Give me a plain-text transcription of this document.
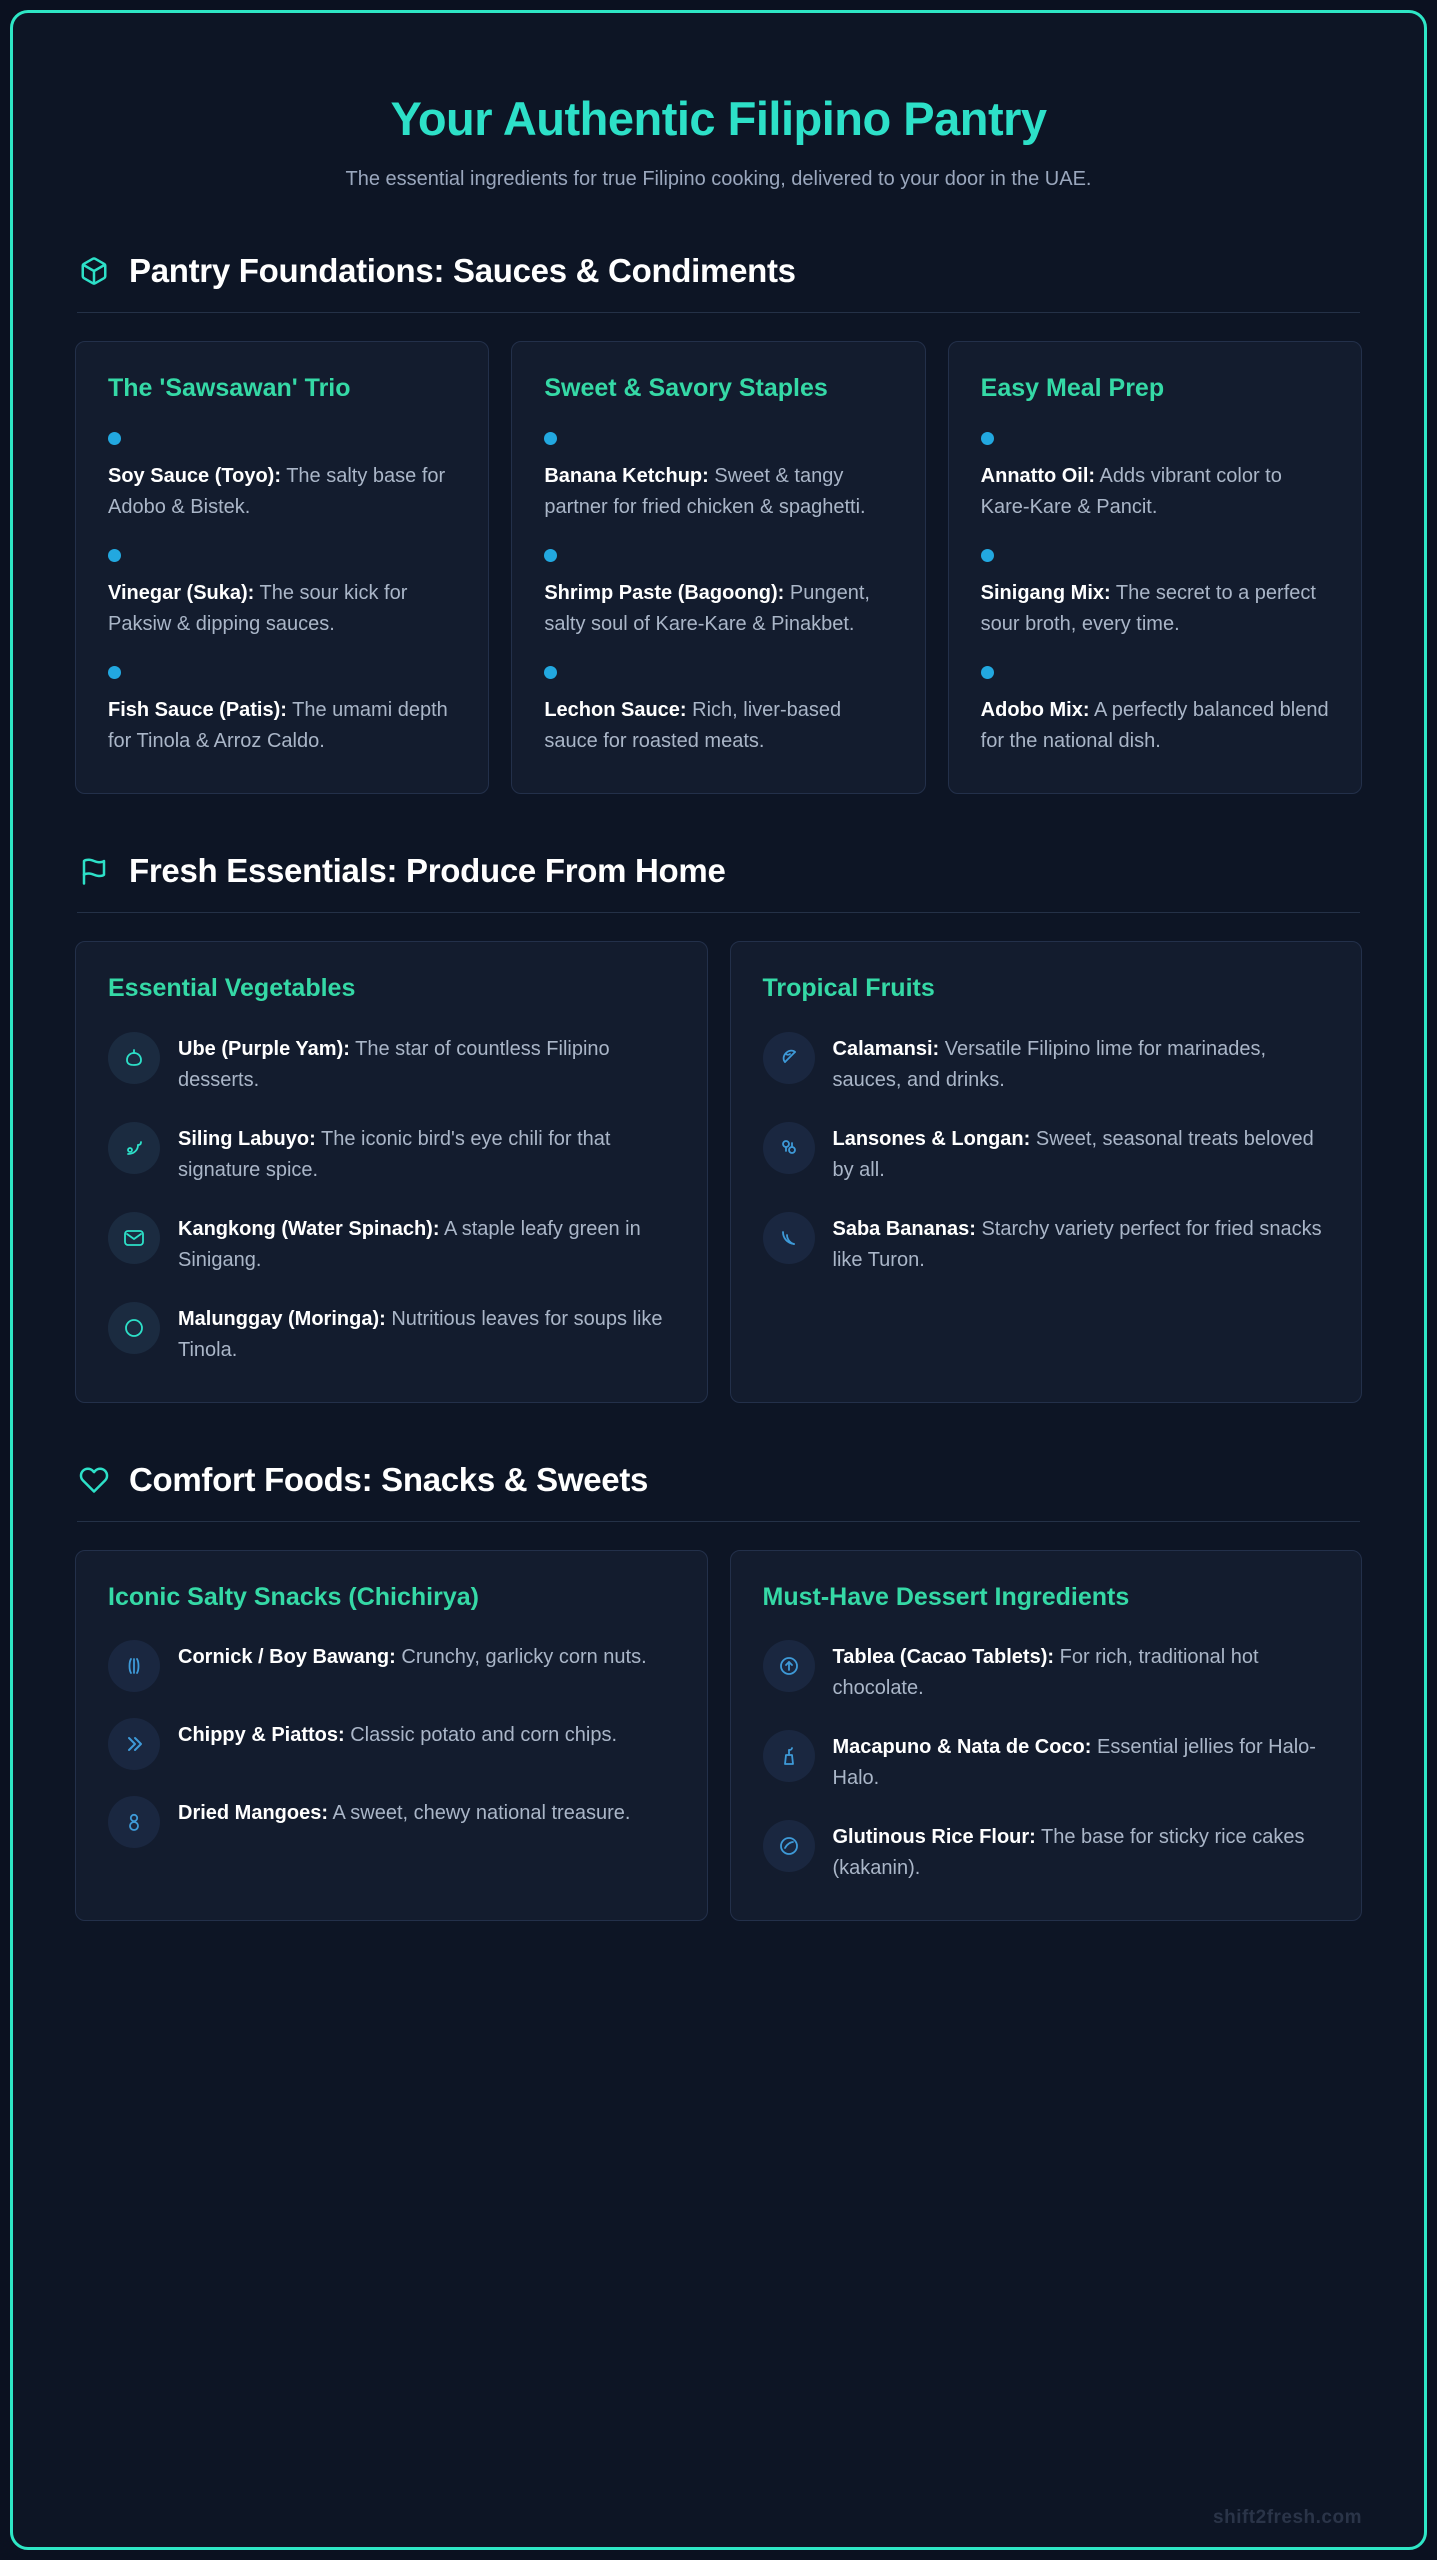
Your Authentic Filipino Pantry

The essential ingredients for true Filipino cooking, delivered to your door in the UAE.

Pantry Foundations: Sauces & Condiments
The 'Sawsawan' Trio
Soy Sauce (Toyo): The salty base for Adobo & Bistek.
Vinegar (Suka): The sour kick for Paksiw & dipping sauces.
Fish Sauce (Patis): The umami depth for Tinola & Arroz Caldo.
Sweet & Savory Staples
Banana Ketchup: Sweet & tangy partner for fried chicken & spaghetti.
Shrimp Paste (Bagoong): Pungent, salty soul of Kare-Kare & Pinakbet.
Lechon Sauce: Rich, liver-based sauce for roasted meats.
Easy Meal Prep
Annatto Oil: Adds vibrant color to Kare-Kare & Pancit.
Sinigang Mix: The secret to a perfect sour broth, every time.
Adobo Mix: A perfectly balanced blend for the national dish.
Fresh Essentials: Produce From Home
Essential Vegetables
Ube (Purple Yam): The star of countless Filipino desserts.
Siling Labuyo: The iconic bird's eye chili for that signature spice.
Kangkong (Water Spinach): A staple leafy green in Sinigang.
Malunggay (Moringa): Nutritious leaves for soups like Tinola.
Tropical Fruits
Calamansi: Versatile Filipino lime for marinades, sauces, and drinks.
Lansones & Longan: Sweet, seasonal treats beloved by all.
Saba Bananas: Starchy variety perfect for fried snacks like Turon.
Comfort Foods: Snacks & Sweets
Iconic Salty Snacks (Chichirya)
Cornick / Boy Bawang: Crunchy, garlicky corn nuts.
Chippy & Piattos: Classic potato and corn chips.
Dried Mangoes: A sweet, chewy national treasure.
Must-Have Dessert Ingredients
Tablea (Cacao Tablets): For rich, traditional hot chocolate.
Macapuno & Nata de Coco: Essential jellies for Halo-Halo.
Glutinous Rice Flour: The base for sticky rice cakes (kakanin).
shift2fresh.com
